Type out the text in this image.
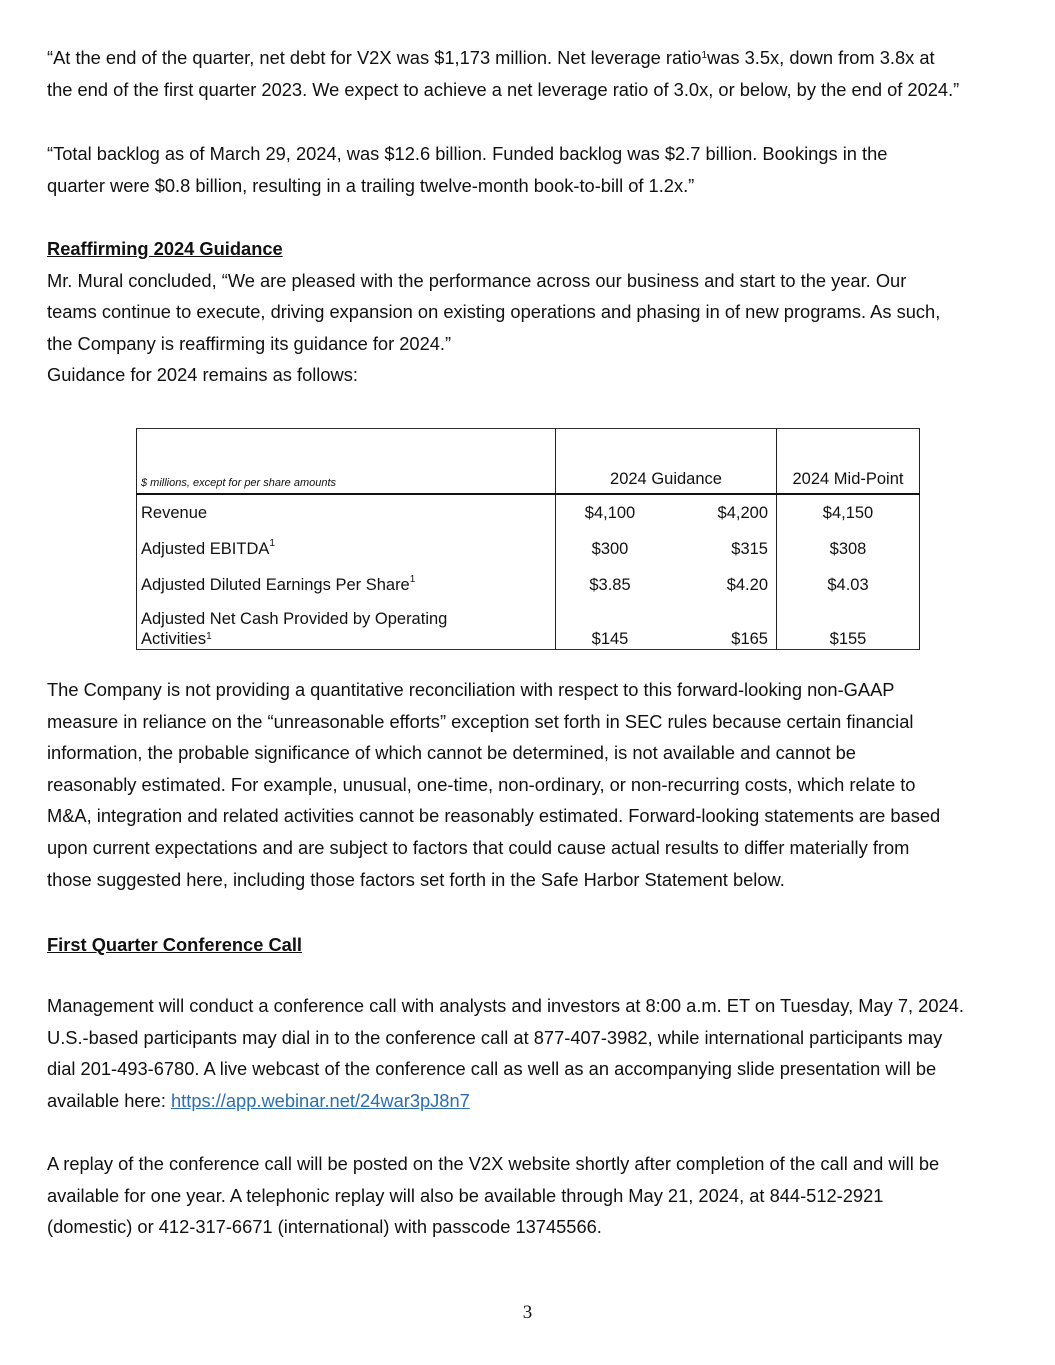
“At the end of the quarter, net debt for V2X was $1,173 million. Net leverage ratio$^1$was 3.5x, down from 3.8x at
the end of the first quarter 2023. We expect to achieve a net leverage ratio of 3.0x, or below, by the end of 2024.”
“Total backlog as of March 29, 2024, was $12.6 billion. Funded backlog was $2.7 billion. Bookings in the
quarter were $0.8 billion, resulting in a trailing twelve-month book-to-bill of 1.2x.”
Reaffirming 2024 Guidance
Mr. Mural concluded, “We are pleased with the performance across our business and start to the year. Our
teams continue to execute, driving expansion on existing operations and phasing in of new programs. As such,
the Company is reaffirming its guidance for 2024.”
Guidance for 2024 remains as follows:
$ millions, except for per share amounts	2024 Guidance		2024 Mid-Point
Revenue	$4,100	$4,200	$4,150
Adjusted EBITDA$^1$	$300	$315	$308
Adjusted Diluted Earnings Per Share$^1$	$3.85	$4.20	$4.03

Adjusted Net Cash Provided by Operating
Activities$^1$	$145	$165	$155
The Company is not providing a quantitative reconciliation with respect to this forward-looking non-GAAP
measure in reliance on the “unreasonable efforts” exception set forth in SEC rules because certain financial
information, the probable significance of which cannot be determined, is not available and cannot be
reasonably estimated. For example, unusual, one-time, non-ordinary, or non-recurring costs, which relate to
M&A, integration and related activities cannot be reasonably estimated. Forward-looking statements are based
upon current expectations and are subject to factors that could cause actual results to differ materially from
those suggested here, including those factors set forth in the Safe Harbor Statement below.
First Quarter Conference Call
Management will conduct a conference call with analysts and investors at 8:00 a.m. ET on Tuesday, May 7, 2024.
U.S.-based participants may dial in to the conference call at 877-407-3982, while international participants may
dial 201-493-6780. A live webcast of the conference call as well as an accompanying slide presentation will be
available here: https://app.webinar.net/24war3pJ8n7
A replay of the conference call will be posted on the V2X website shortly after completion of the call and will be
available for one year. A telephonic replay will also be available through May 21, 2024, at 844-512-2921
(domestic) or 412-317-6671 (international) with passcode 13745566.
3
